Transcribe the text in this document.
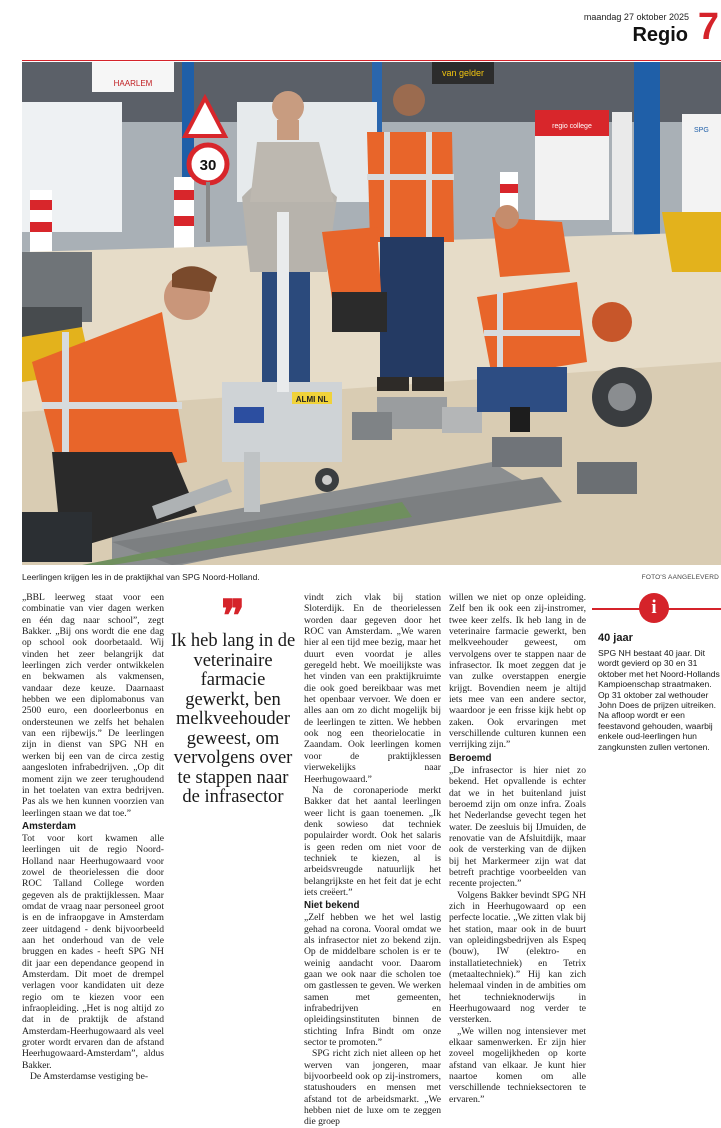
maandag 27 oktober 2025
Regio 7
HAARLEM
van gelder
regio college
SPG
30
ALMI NL
Leerlingen krijgen les in de praktijkhal van SPG Noord-Holland.	FOTO'S AANGELEVERD

„BBL leerweg staat voor een combinatie van vier dagen werken en één dag naar school”, zegt Bakker. „Bij ons wordt die ene dag op school ook doorbetaald. Wij vinden het zeer belangrijk dat leerlingen zich verder ontwikkelen en bekwamen als vakmensen, vandaar deze keuze. Daarnaast hebben we een diplomabonus van 2500 euro, een doorleerbonus en ondersteunen we zelfs het behalen van een rijbewijs.” De leerlingen zijn in dienst van SPG NH en werken bij een van de circa zestig aangesloten infrabedrijven. „Op dit moment zijn we zeer terughoudend in het toelaten van extra bedrijven. Pas als we hen kunnen voorzien van leerlingen staan we dat toe.”

Amsterdam

Tot voor kort kwamen alle leerlingen uit de regio Noord-Holland naar Heerhugowaard voor zowel de theorielessen die door ROC Talland College worden gegeven als de praktijklessen. Maar omdat de vraag naar personeel groot is en de infraopgave in Amsterdam zeer uitdagend - denk bijvoorbeeld aan het onderhoud van de vele bruggen en kades - heeft SPG NH dit jaar een dependance geopend in Amsterdam. Dit moet de drempel verlagen voor kandidaten uit deze regio om te kiezen voor een infraopleiding. „Het is nog altijd zo dat in de praktijk de afstand Amsterdam-Heerhugowaard als veel groter wordt ervaren dan de afstand Heerhugowaard-Amsterdam”, aldus Bakker.

De Amsterdamse vestiging be-

❞
Ik heb lang in de veterinaire farmacie gewerkt, ben melkveehouder geweest, om vervolgens over te stappen naar de infrasector

vindt zich vlak bij station Sloterdijk. En de theorielessen worden daar gegeven door het ROC van Amsterdam. „We waren hier al een tijd mee bezig, maar het duurt even voordat je alles geregeld hebt. We moeilijkste was het vinden van een praktijkruimte die ook goed bereikbaar was met het openbaar vervoer. We doen er alles aan om zo dicht mogelijk bij de leerlingen te zitten. We hebben ook nog een theorielocatie in Zaandam. Ook leerlingen komen voor de praktijklessen vierwekelijks naar Heerhugowaard.”

Na de coronaperiode merkt Bakker dat het aantal leerlingen weer licht is gaan toenemen. „Ik denk sowieso dat techniek populairder wordt. Ook het salaris is geen reden om niet voor de techniek te kiezen, al is arbeidsvreugde natuurlijk het belangrijkste en het feit dat je echt iets creëert.”

Niet bekend

„Zelf hebben we het wel lastig gehad na corona. Vooral omdat we als infrasector niet zo bekend zijn. Op de middelbare scholen is er te weinig aandacht voor. Daarom gaan we ook naar die scholen toe om gastlessen te geven. We werken samen met gemeenten, infrabedrijven en opleidingsinstituten binnen de stichting Infra Bindt om onze sector te promoten.”

SPG richt zich niet alleen op het werven van jongeren, maar bijvoorbeeld ook op zij-instromers, statushouders en mensen met afstand tot de arbeidsmarkt. „We hebben niet de luxe om te zeggen die groep

willen we niet op onze opleiding. Zelf ben ik ook een zij-instromer, twee keer zelfs. Ik heb lang in de veterinaire farmacie gewerkt, ben melkveehouder geweest, om vervolgens over te stappen naar de infrasector. Ik moet zeggen dat je van zulke overstappen energie krijgt. Bovendien neem je altijd iets mee van een andere sector, waardoor je een frisse kijk hebt op zaken. Ook ervaringen met verschillende culturen kunnen een verrijking zijn.”

Beroemd

„De infrasector is hier niet zo bekend. Het opvallende is echter dat we in het buitenland juist beroemd zijn om onze infra. Zoals het Nederlandse gevecht tegen het water. De zeesluis bij IJmuiden, de renovatie van de Afsluitdijk, maar ook de versterking van de dijken bij het Markermeer zijn wat dat betreft prachtige voorbeelden van recente projecten.”

Volgens Bakker bevindt SPG NH zich in Heerhugowaard op een perfecte locatie. „We zitten vlak bij het station, maar ook in de buurt van opleidingsbedrijven als Espeq (bouw), IW (elektro- en installatietechniek) en Tetrix (metaaltechniek).” Hij kan zich helemaal vinden in de ambities om het technieknoderwijs in Heerhugowaard nog verder te versterken.

„We willen nog intensiever met elkaar samenwerken. Er zijn hier zoveel mogelijkheden op korte afstand van elkaar. Je kunt hier naartoe komen om alle verschillende technieksectoren te ervaren.”

i
40 jaar
SPG NH bestaat 40 jaar. Dit wordt gevierd op 30 en 31 oktober met het Noord-Hollands Kampioenschap straatmaken. Op 31 oktober zal wethouder John Does de prijzen uitreiken. Na afloop wordt er een feestavond gehouden, waarbij enkele oud-leerlingen hun zangkunsten zullen vertonen.
